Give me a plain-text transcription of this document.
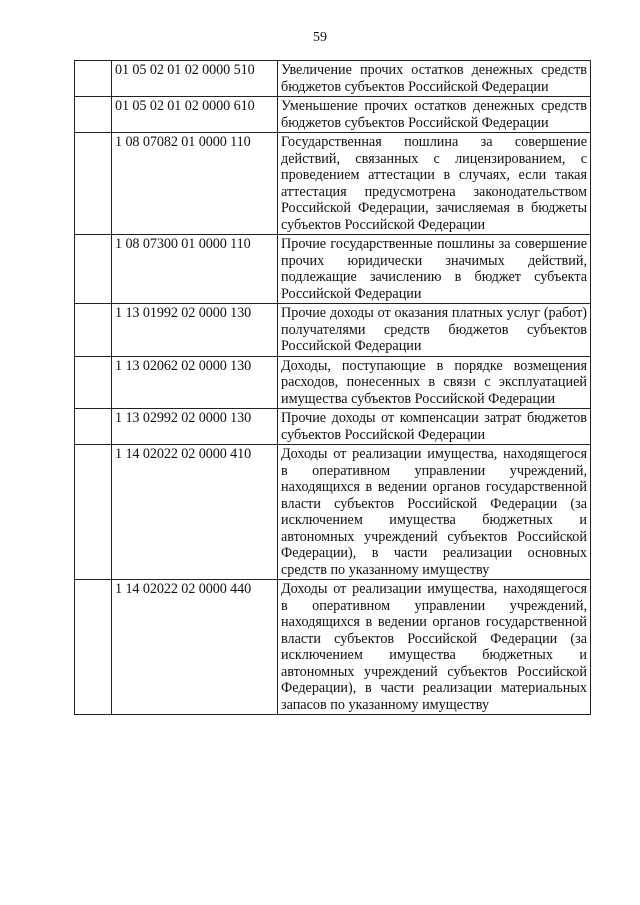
59
	01 05 02 01 02 0000 510	Увеличение прочих остатков денежных средств бюджетов субъектов Российской Федерации
	01 05 02 01 02 0000 610	Уменьшение прочих остатков денежных средств бюджетов субъектов Российской Федерации
	1 08 07082 01 0000 110	Государственная пошлина за совершение действий, связанных с лицензированием, с проведением аттестации в случаях, если такая аттестация предусмотрена законодательством Российской Федерации, зачисляемая в бюджеты субъектов Российской Федерации
	1 08 07300 01 0000 110	Прочие государственные пошлины за совершение прочих юридически значимых действий, подлежащие зачислению в бюджет субъекта Российской Федерации
	1 13 01992 02 0000 130	Прочие доходы от оказания платных услуг (работ) получателями средств бюджетов субъектов Российской Федерации
	1 13 02062 02 0000 130	Доходы, поступающие в порядке возмещения расходов, понесенных в связи с эксплуатацией имущества субъектов Российской Федерации
	1 13 02992 02 0000 130	Прочие доходы от компенсации затрат бюджетов субъектов Российской Федерации
	1 14 02022 02 0000 410	Доходы от реализации имущества, находящегося в оперативном управлении учреждений, находящихся в ведении органов государственной власти субъектов Российской Федерации (за исключением имущества бюджетных и автономных учреждений субъектов Российской Федерации), в части реализации основных средств по указанному имуществу
	1 14 02022 02 0000 440	Доходы от реализации имущества, находящегося в оперативном управлении учреждений, находящихся в ведении органов государственной власти субъектов Российской Федерации (за исключением имущества бюджетных и автономных учреждений субъектов Российской Федерации), в части реализации материальных запасов по указанному имуществу
